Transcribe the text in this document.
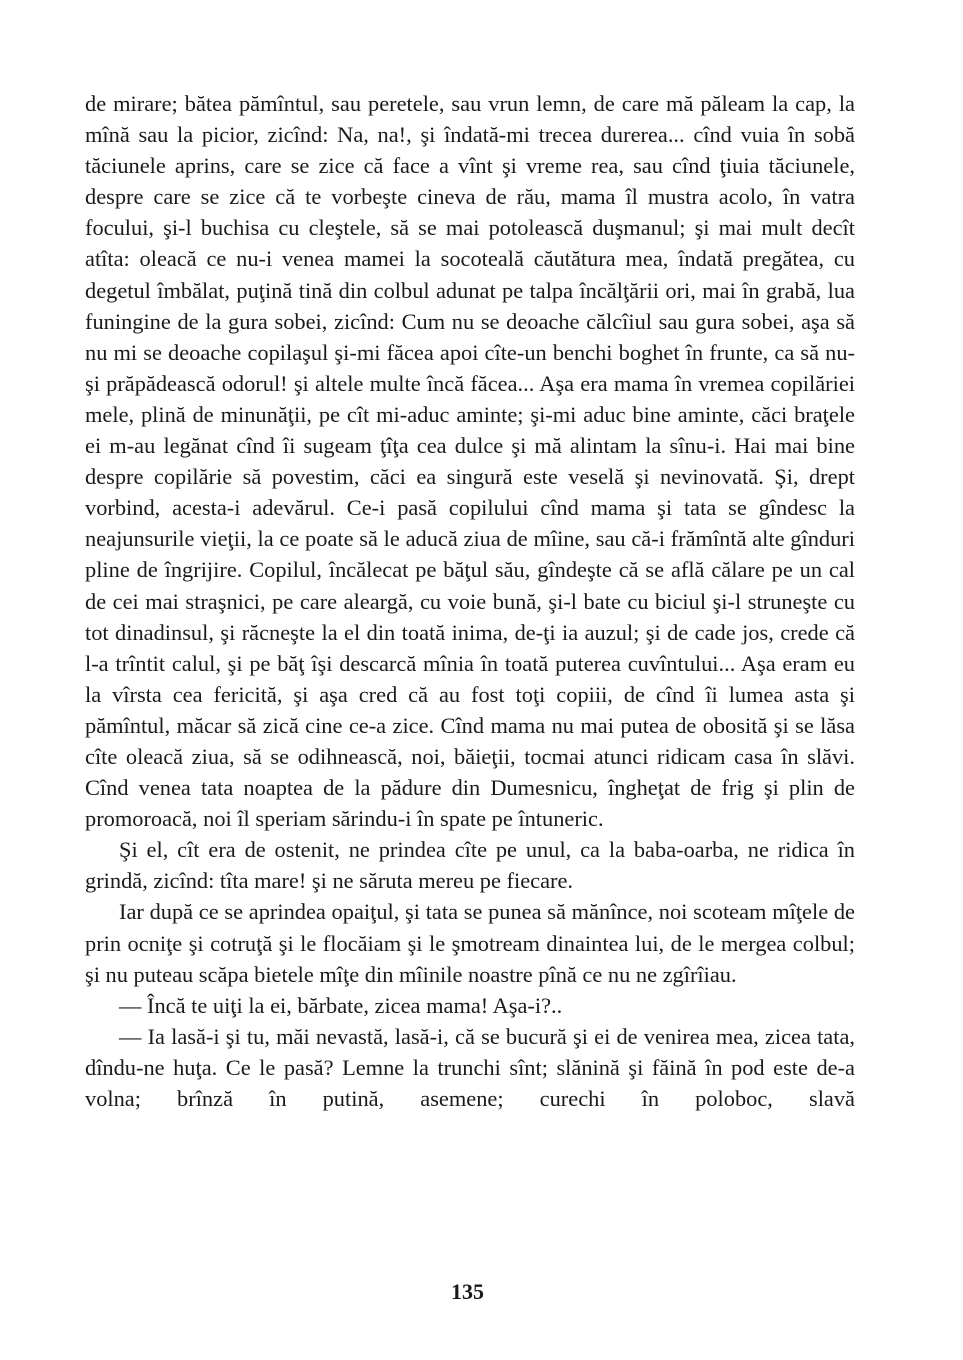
de mirare; bătea pămîntul, sau peretele, sau vrun lemn, de care mă păleam la cap, la mînă sau la picior, zicînd: Na, na!, şi îndată-mi trecea durerea... cînd vuia în sobă tăciunele aprins, care se zice că face a vînt şi vreme rea, sau cînd ţiuia tăciunele, despre care se zice că te vorbeşte cineva de rău, mama îl mustra acolo, în vatra focului, şi-l buchisa cu cleştele, să se mai potolească duşmanul; şi mai mult decît atîta: oleacă ce nu-i venea mamei la socoteală căutătura mea, îndată pregătea, cu degetul îmbălat, puţină tină din colbul adunat pe talpa încălţării ori, mai în grabă, lua funingine de la gura sobei, zicînd: Cum nu se deoache călcîiul sau gura sobei, aşa să nu mi se deoache copilaşul şi-mi făcea apoi cîte-un benchi boghet în frunte, ca să nu-şi prăpădească odorul! şi altele multe încă făcea... Aşa era mama în vremea copilăriei mele, plină de minunăţii, pe cît mi-aduc aminte; şi-mi aduc bine aminte, căci braţele ei m-au legănat cînd îi sugeam ţîţa cea dulce şi mă alintam la sînu-i. Hai mai bine despre copilărie să povestim, căci ea singură este veselă şi nevinovată. Şi, drept vorbind, acesta-i adevărul. Ce-i pasă copilului cînd mama şi tata se gîndesc la neajunsurile vieţii, la ce poate să le aducă ziua de mîine, sau că-i frămîntă alte gînduri pline de îngrijire. Copilul, încălecat pe băţul său, gîndeşte că se află călare pe un cal de cei mai straşnici, pe care aleargă, cu voie bună, şi-l bate cu biciul şi-l struneşte cu tot dinadinsul, şi răcneşte la el din toată inima, de-ţi ia auzul; şi de cade jos, crede că l-a trîntit calul, şi pe băţ îşi descarcă mînia în toată puterea cuvîntului... Aşa eram eu la vîrsta cea fericită, şi aşa cred că au fost toţi copiii, de cînd îi lumea asta şi pămîntul, măcar să zică cine ce-a zice. Cînd mama nu mai putea de obosită şi se lăsa cîte oleacă ziua, să se odihnească, noi, băieţii, tocmai atunci ridicam casa în slăvi. Cînd venea tata noaptea de la pădure din Dumesnicu, îngheţat de frig şi plin de promoroacă, noi îl speriam sărindu-i în spate pe întuneric.

Şi el, cît era de ostenit, ne prindea cîte pe unul, ca la baba-oarba, ne ridica în grindă, zicînd: tîta mare! şi ne săruta mereu pe fiecare.

Iar după ce se aprindea opaiţul, şi tata se punea să mănînce, noi scoteam mîţele de prin ocniţe şi cotruţă şi le flocăiam şi le şmotream dinaintea lui, de le mergea colbul; şi nu puteau scăpa bietele mîţe din mîinile noastre pînă ce nu ne zgîrîiau.

— Încă te uiţi la ei, bărbate, zicea mama! Aşa-i?..

— Ia lasă-i şi tu, măi nevastă, lasă-i, că se bucură şi ei de venirea mea, zicea tata, dîndu-ne huţa. Ce le pasă? Lemne la trunchi sînt; slănină şi făină în pod este de-a volna; brînză în putină, asemene; curechi în poloboc, slavă

135
